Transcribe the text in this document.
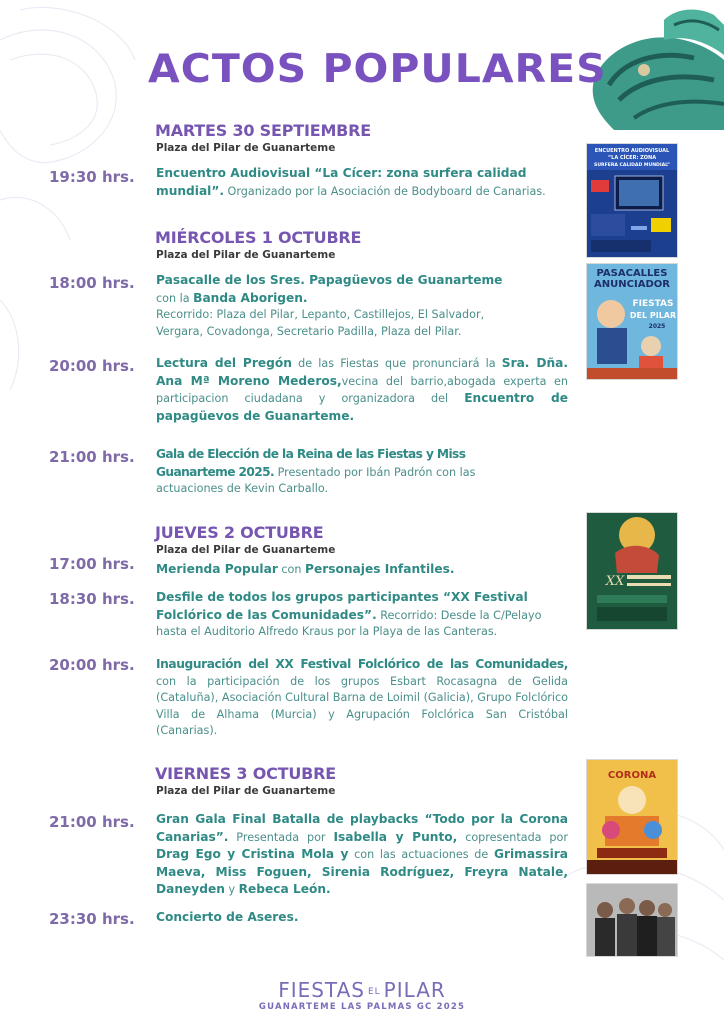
ACTOS POPULARES
MARTES 30 SEPTIEMBRE
Plaza del Pilar de Guanarteme
19:30 hrs. Encuentro Audiovisual “La Cícer: zona surfera calidad mundial”. Organizado por la Asociación de Bodyboard de Canarias.
MIÉRCOLES 1 OCTUBRE
Plaza del Pilar de Guanarteme
18:00 hrs. Pasacalle de los Sres. Papagüevos de Guanarteme
con la Banda Aborigen.
Recorrido: Plaza del Pilar, Lepanto, Castillejos, El Salvador, Vergara, Covadonga, Secretario Padilla, Plaza del Pilar.
20:00 hrs. Lectura del Pregón de las Fiestas que pronunciará la Sra. Dña. Ana Mª Moreno Mederos,vecina del barrio,abogada experta en participacion ciudadana y organizadora del Encuentro de papagüevos de Guanarteme.
21:00 hrs. Gala de Elección de la Reina de las Fiestas y Miss Guanarteme 2025. Presentado por Ibán Padrón con las actuaciones de Kevin Carballo.
JUEVES 2 OCTUBRE
Plaza del Pilar de Guanarteme
17:00 hrs. Merienda Popular con Personajes Infantiles.
18:30 hrs. Desfile de todos los grupos participantes “XX Festival Folclórico de las Comunidades”. Recorrido: Desde la C/Pelayo hasta el Auditorio Alfredo Kraus por la Playa de las Canteras.
20:00 hrs. Inauguración del XX Festival Folclórico de las Comunidades, con la participación de los grupos Esbart Rocasagna de Gelida (Cataluña), Asociación Cultural Barna de Loimil (Galicia), Grupo Folclórico Villa de Alhama (Murcia) y Agrupación Folclórica San Cristóbal (Canarias).
VIERNES 3 OCTUBRE
Plaza del Pilar de Guanarteme
21:00 hrs. Gran Gala Final Batalla de playbacks “Todo por la Corona Canarias”. Presentada por Isabella y Punto, copresentada por Drag Ego y Cristina Mola y con las actuaciones de Grimassira Maeva, Miss Foguen, Sirenia Rodríguez, Freyra Natale, Daneyden y Rebeca León.
23:30 hrs. Concierto de Aseres.
ENCUENTRO AUDIOVISUAL
“LA CÍCER: ZONA
SURFERA CALIDAD MUNDIAL”
PASACALLES
ANUNCIADOR
FIESTAS
DEL PILAR
2025
XX
CORONA
FIESTAS EL PILAR
GUANARTEME LAS PALMAS GC 2025
